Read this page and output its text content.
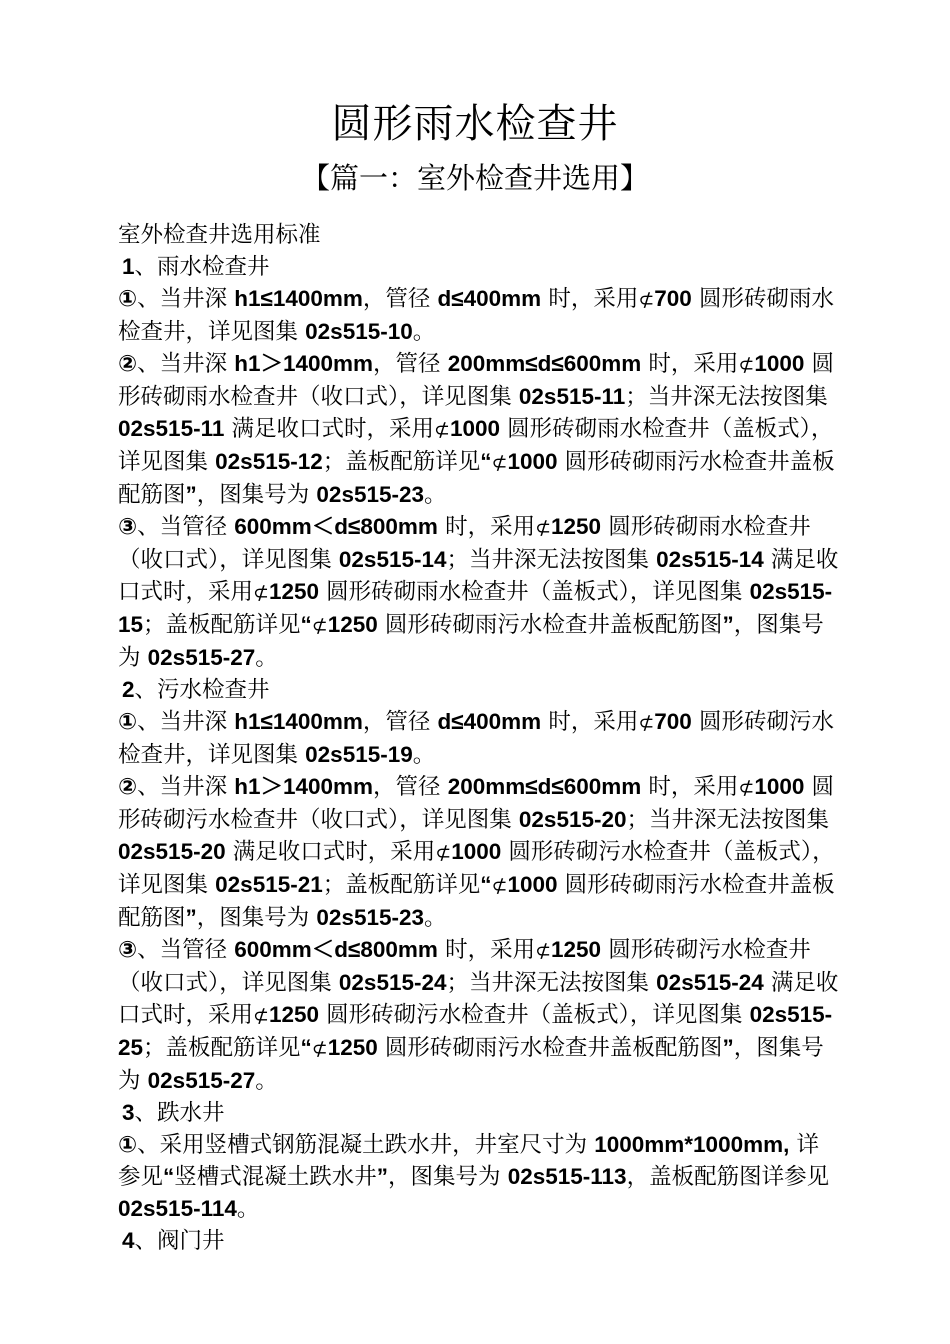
圆形雨水检查井
【篇一：室外检查井选用】

室外检查井选用标准

1、雨水检查井

①、当井深 h1≤1400mm，管径 d≤400mm 时，采用⊄700 圆形砖砌雨水检查井，详见图集 02s515-10。

②、当井深 h1＞1400mm，管径 200mm≤d≤600mm 时，采用⊄1000 圆形砖砌雨水检查井（收口式），详见图集 02s515-11；当井深无法按图集 02s515-11 满足收口式时，采用⊄1000 圆形砖砌雨水检查井（盖板式），详见图集 02s515-12；盖板配筋详见“⊄1000 圆形砖砌雨污水检查井盖板配筋图”，图集号为 02s515-23。

③、当管径 600mm＜d≤800mm 时，采用⊄1250 圆形砖砌雨水检查井（收口式），详见图集 02s515-14；当井深无法按图集 02s515-14 满足收口式时，采用⊄1250 圆形砖砌雨水检查井（盖板式），详见图集 02s515-15；盖板配筋详见“⊄1250 圆形砖砌雨污水检查井盖板配筋图”，图集号为 02s515-27。

2、污水检查井

①、当井深 h1≤1400mm，管径 d≤400mm 时，采用⊄700 圆形砖砌污水检查井，详见图集 02s515-19。

②、当井深 h1＞1400mm，管径 200mm≤d≤600mm 时，采用⊄1000 圆形砖砌污水检查井（收口式），详见图集 02s515-20；当井深无法按图集 02s515-20 满足收口式时，采用⊄1000 圆形砖砌污水检查井（盖板式），详见图集 02s515-21；盖板配筋详见“⊄1000 圆形砖砌雨污水检查井盖板配筋图”，图集号为 02s515-23。

③、当管径 600mm＜d≤800mm 时，采用⊄1250 圆形砖砌污水检查井（收口式），详见图集 02s515-24；当井深无法按图集 02s515-24 满足收口式时，采用⊄1250 圆形砖砌污水检查井（盖板式），详见图集 02s515-25；盖板配筋详见“⊄1250 圆形砖砌雨污水检查井盖板配筋图”，图集号为 02s515-27。

3、跌水井

①、采用竖槽式钢筋混凝土跌水井，井室尺寸为 1000mm*1000mm, 详参见“竖槽式混凝土跌水井”，图集号为 02s515-113，盖板配筋图详参见 02s515-114。

4、阀门井
